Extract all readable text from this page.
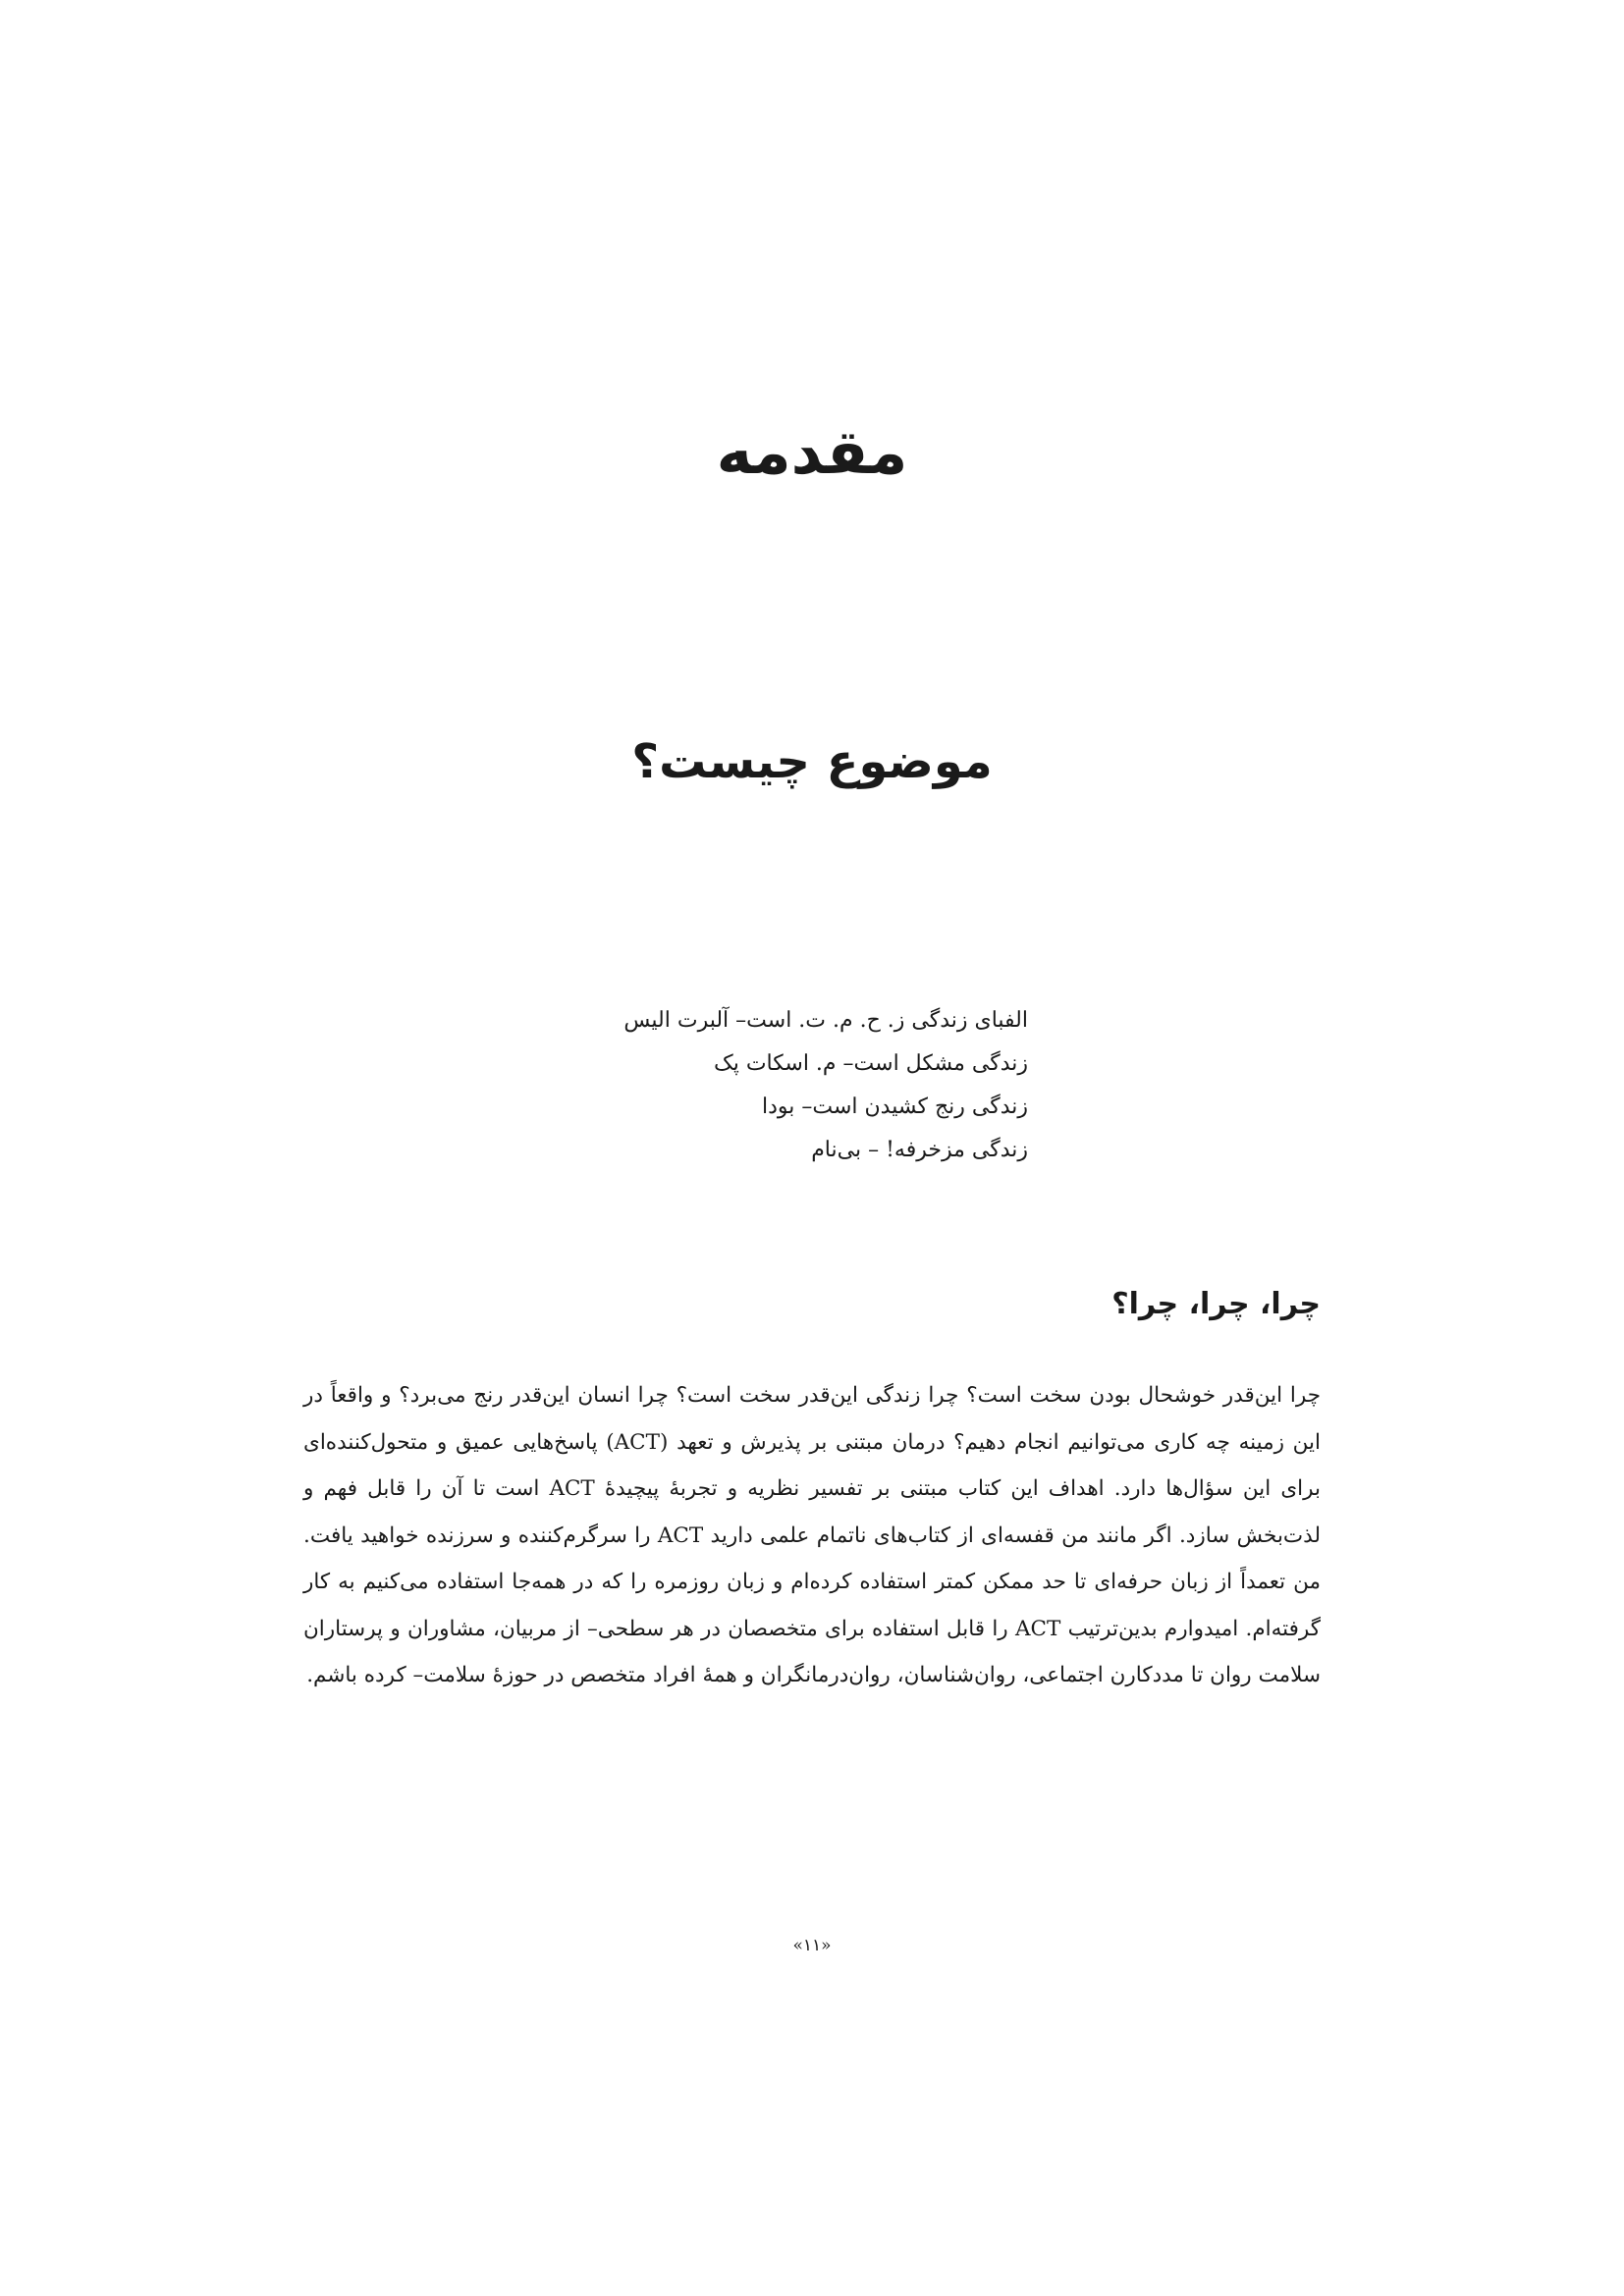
مقدمه
موضوع چیست؟
الفبای زندگی ز. ح. م. ت. است– آلبرت الیس
زندگی مشکل است– م. اسکات پک
زندگی رنج کشیدن است– بودا
زندگی مزخرفه! – بی‌نام
چرا، چرا، چرا؟

چرا این‌قدر خوشحال بودن سخت است؟ چرا زندگی این‌قدر سخت است؟ چرا انسان این‌قدر رنج می‌برد؟ و واقعاً در این زمینه چه کاری می‌توانیم انجام دهیم؟ درمان مبتنی بر پذیرش و تعهد (ACT) پاسخ‌هایی عمیق و متحول‌کننده‌ای برای این سؤال‌ها دارد. اهداف این کتاب مبتنی بر تفسیر نظریه و تجربهٔ پیچیدهٔ ACT است تا آن را قابل فهم و لذت‌بخش سازد. اگر مانند من قفسه‌ای از کتاب‌های ناتمام علمی دارید ACT را سرگرم‌کننده و سرزنده خواهید یافت. من تعمداً از زبان حرفه‌ای تا حد ممکن کمتر استفاده کرده‌ام و زبان روزمره را که در همه‌جا استفاده می‌کنیم به کار گرفته‌ام. امیدوارم بدین‌ترتیب ACT را قابل استفاده برای متخصصان در هر سطحی– از مربیان، مشاوران و پرستاران سلامت روان تا مددکارن اجتماعی، روان‌شناسان، روان‌درمانگران و همهٔ افراد متخصص در حوزهٔ سلامت– کرده باشم.

«۱۱»
